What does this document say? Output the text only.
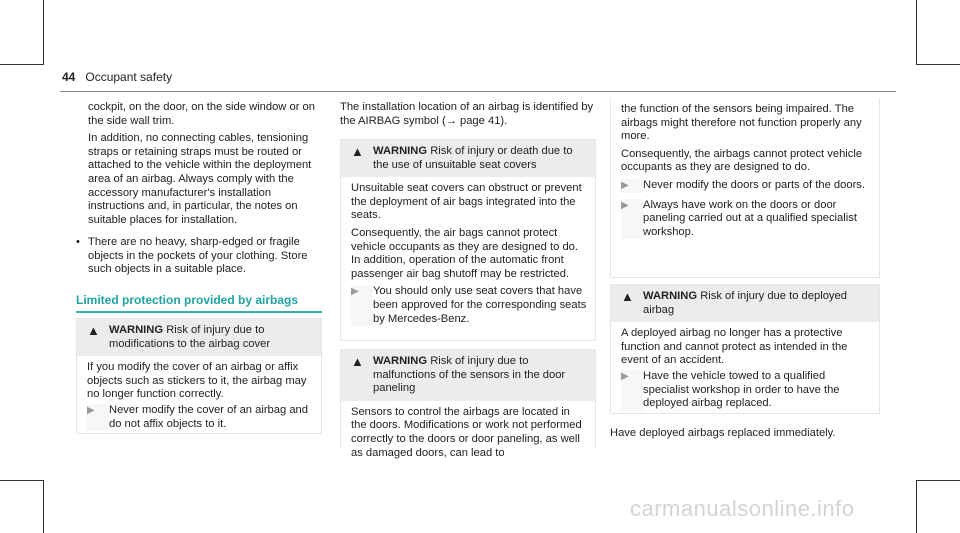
44 Occupant safety
cockpit, on the door, on the side window or on the side wall trim.
In addition, no connecting cables, tensioning straps or retaining straps must be routed or attached to the vehicle within the deployment area of an airbag. Always comply with the accessory manufacturer's installation instructions and, in particular, the notes on suitable places for installation.
• There are no heavy, sharp-edged or fragile objects in the pockets of your clothing. Store such objects in a suitable place.
Limited protection provided by airbags
▲ WARNING Risk of injury due to modifications to the airbag cover
If you modify the cover of an airbag or affix objects such as stickers to it, the airbag may no longer function correctly.
▶	Never modify the cover of an airbag and do not affix objects to it.
The installation location of an airbag is identified by the AIRBAG symbol (→ page 41).
▲ WARNING Risk of injury or death due to the use of unsuitable seat covers
Unsuitable seat covers can obstruct or prevent the deployment of air bags integrated into the seats.
Consequently, the air bags cannot protect vehicle occupants as they are designed to do. In addition, operation of the automatic front passenger air bag shutoff may be restricted.
▶	You should only use seat covers that have been approved for the corresponding seats by Mercedes-Benz.
▲ WARNING Risk of injury due to malfunctions of the sensors in the door paneling
Sensors to control the airbags are located in the doors. Modifications or work not performed correctly to the doors or door paneling, as well as damaged doors, can lead to
the function of the sensors being impaired. The airbags might therefore not function properly any more.
Consequently, the airbags cannot protect vehicle occupants as they are designed to do.
▶	Never modify the doors or parts of the doors.
▶	Always have work on the doors or door paneling carried out at a qualified specialist workshop.
▲ WARNING Risk of injury due to deployed airbag
A deployed airbag no longer has a protective function and cannot protect as intended in the event of an accident.
▶	Have the vehicle towed to a qualified specialist workshop in order to have the deployed airbag replaced.
Have deployed airbags replaced immediately.
carmanualsonline.info
